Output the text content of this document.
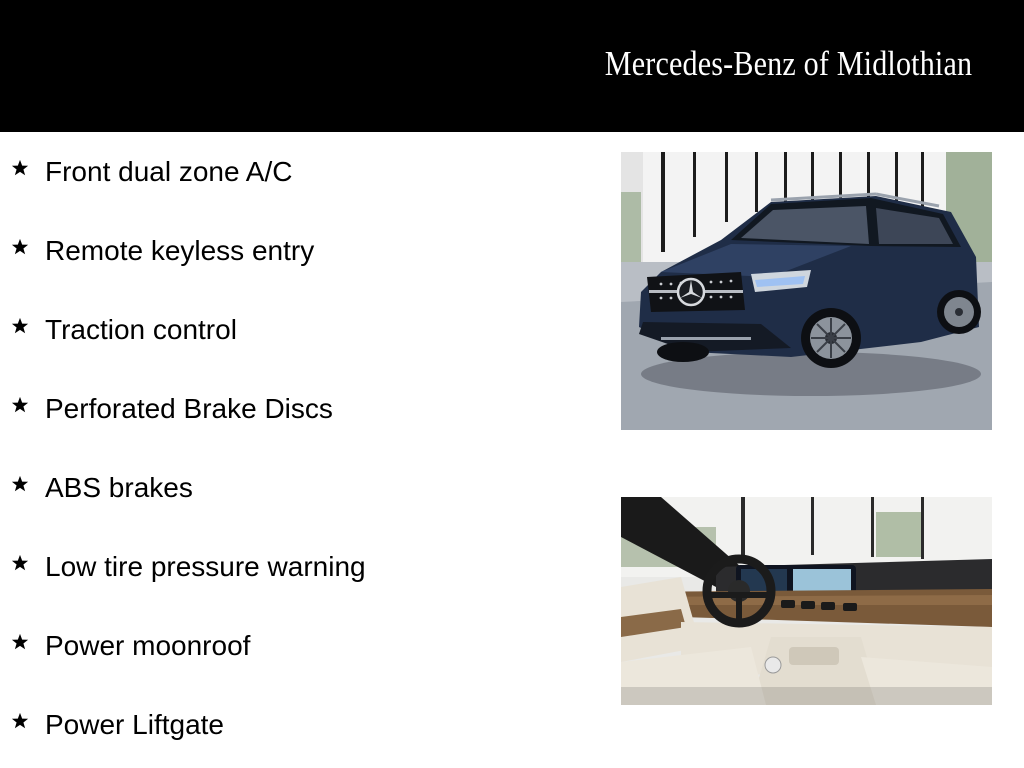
Mercedes-Benz of Midlothian
Front dual zone A/C
Remote keyless entry
Traction control
Perforated Brake Discs
ABS brakes
Low tire pressure warning
Power moonroof
Power Liftgate
